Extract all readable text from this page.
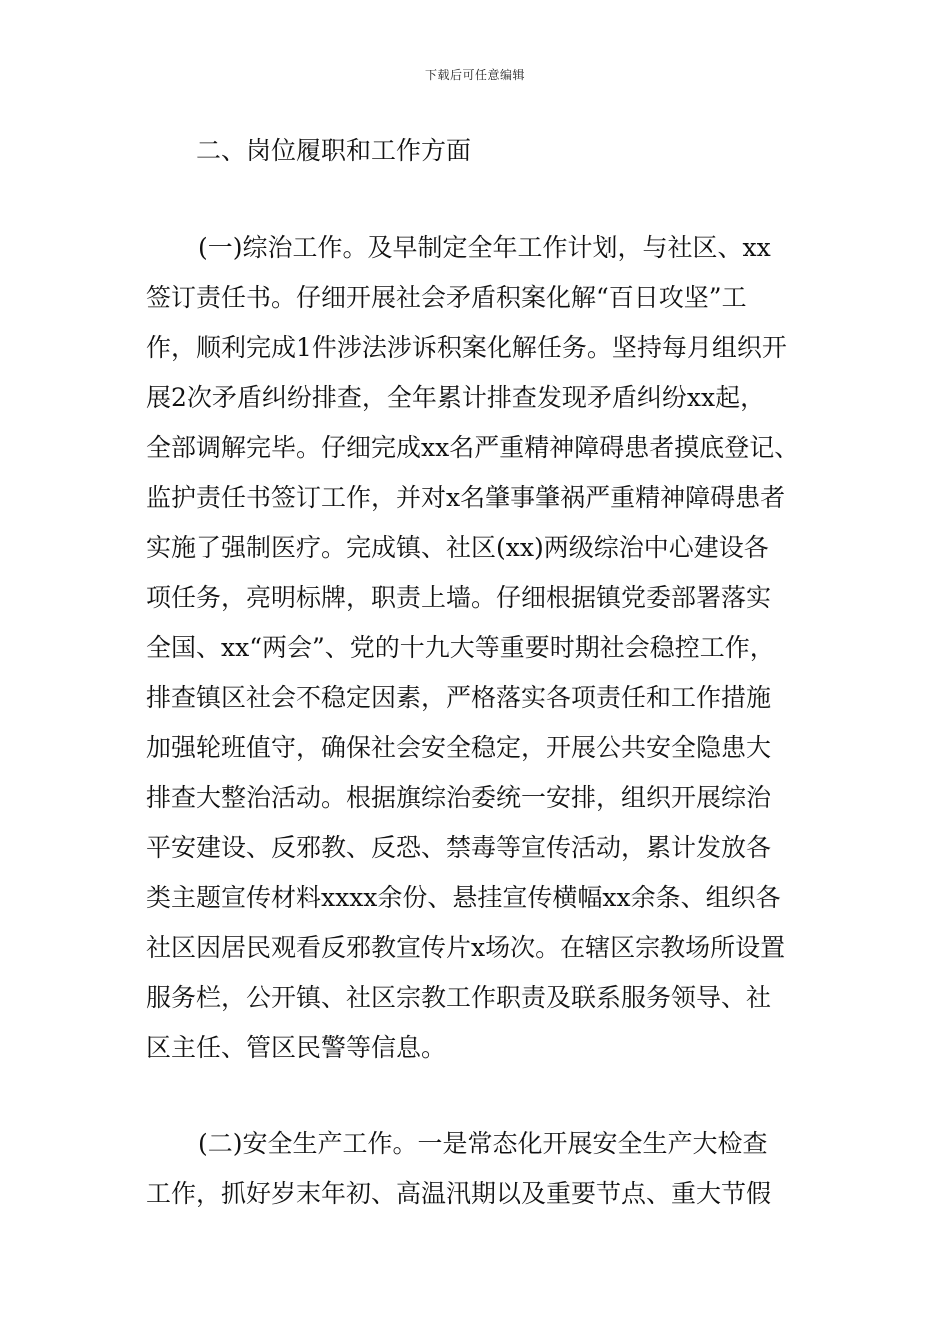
下载后可任意编辑
二、岗位履职和工作方面
(一)综治工作。及早制定全年工作计划，与社区、xx
签订责任书。仔细开展社会矛盾积案化解“百日攻坚”工
作，顺利完成1件涉法涉诉积案化解任务。坚持每月组织开
展2次矛盾纠纷排查，全年累计排查发现矛盾纠纷xx起，
全部调解完毕。仔细完成xx名严重精神障碍患者摸底登记、
监护责任书签订工作，并对x名肇事肇祸严重精神障碍患者
实施了强制医疗。完成镇、社区(xx)两级综治中心建设各
项任务，亮明标牌，职责上墙。仔细根据镇党委部署落实
全国、xx“两会”、党的十九大等重要时期社会稳控工作，
排查镇区社会不稳定因素，严格落实各项责任和工作措施
加强轮班值守，确保社会安全稳定，开展公共安全隐患大
排查大整治活动。根据旗综治委统一安排，组织开展综治
平安建设、反邪教、反恐、禁毒等宣传活动，累计发放各
类主题宣传材料xxxx余份、悬挂宣传横幅xx余条、组织各
社区因居民观看反邪教宣传片x场次。在辖区宗教场所设置
服务栏，公开镇、社区宗教工作职责及联系服务领导、社
区主任、管区民警等信息。
(二)安全生产工作。一是常态化开展安全生产大检查
工作，抓好岁末年初、高温汛期以及重要节点、重大节假
